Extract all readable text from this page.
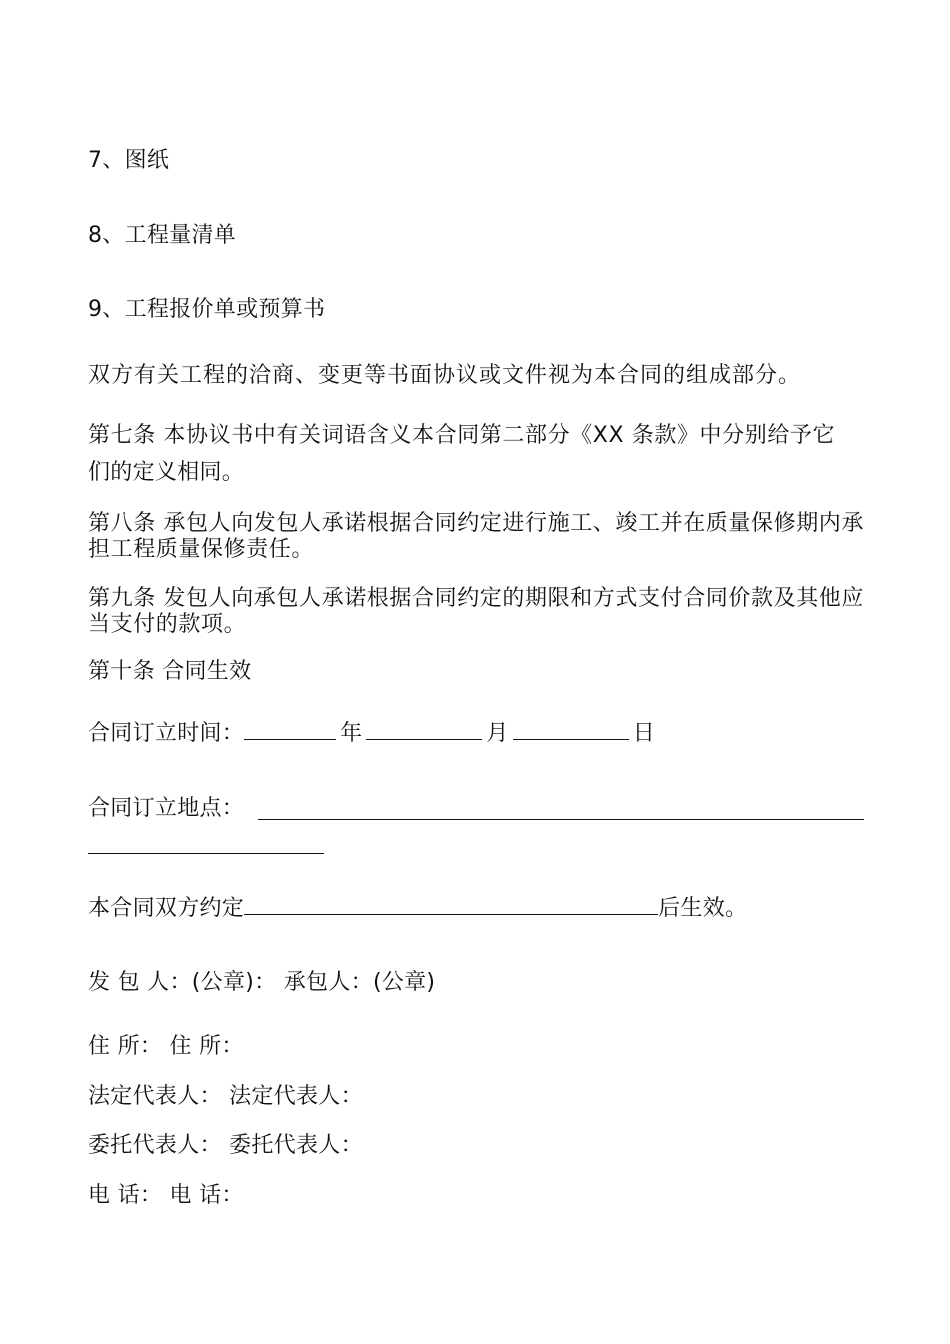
7、图纸
8、工程量清单
9、工程报价单或预算书
双方有关工程的洽商、变更等书面协议或文件视为本合同的组成部分。
第七条 本协议书中有关词语含义本合同第二部分《XX 条款》中分别给予它
们的定义相同。
第八条 承包人向发包人承诺根据合同约定进行施工、竣工并在质量保修期内承担工程质量保修责任。
第九条 发包人向承包人承诺根据合同约定的期限和方式支付合同价款及其他应当支付的款项。
第十条 合同生效
合同订立时间：	年	月	日
合同订立地点：
本合同双方约定	后生效。
发 包 人：(公章)： 承包人：(公章)
住 所： 住 所：
法定代表人： 法定代表人：
委托代表人： 委托代表人：
电 话： 电 话：
